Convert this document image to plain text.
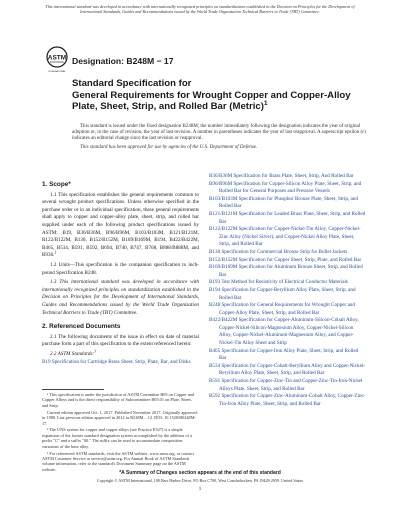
This international standard was developed in accordance with internationally recognized principles on standardization established in the Decision on Principles for the Development of International Standards, Guides and Recommendations issued by the World Trade Organization Technical Barriers to Trade (TBT) Committee.
ASTM
INTERNATIONAL
Designation: B248M − 17
Standard Specification for
General Requirements for Wrought Copper and Copper-Alloy Plate, Sheet, Strip, and Rolled Bar (Metric)$^1$

This standard is issued under the fixed designation B248M; the number immediately following the designation indicates the year of original adoption or, in the case of revision, the year of last revision. A number in parentheses indicates the year of last reapproval. A superscript epsilon (ε) indicates an editorial change since the last revision or reapproval.

This standard has been approved for use by agencies of the U.S. Department of Defense.

1. Scope*

1.1 This specification establishes the general requirements common to several wrought product specifications. Unless otherwise specified in the purchase order or in an individual specification, these general requirements shall apply to copper and copper-alloy plate, sheet, strip, and rolled bar supplied under each of the following product specifications issued by ASTM: B19, B36/B36M, B96/B96M, B103/B103M, B121/B121M, B122/B122M, B130, B152/B152M, B169/B169M, B194, B422/B422M, B465, B534, B591, B592, B694, B740, B747, B768, B888/B888M, and B936.$^2$

1.2 Units—This specification is the companion specification to inch-pound Specification B248.

1.3 This international standard was developed in accordance with internationally recognized principles on standardization established in the Decision on Principles for the Development of International Standards, Guides and Recommendations issued by the World Trade Organization Technical Barriers to Trade (TBT) Committee.

2. Referenced Documents

2.1 The following documents of the issue in effect on date of material purchase form a part of this specification to the extent referenced herein:

2.2 ASTM Standards:$^3$

B19 Specification for Cartridge Brass Sheet, Strip, Plate, Bar, and Disks

¹ This specification is under the jurisdiction of ASTM Committee B05 on Copper and Copper Alloys and is the direct responsibility of Subcommittee B05.01 on Plate, Sheet, and Strip.

Current edition approved Oct. 1, 2017. Published November 2017. Originally approved in 1980. Last previous edition approved in 2012 as B248M – 12. DOI: 10.1520/B0248M-17.

² The UNS system for copper and copper alloys (see Practice E527) is a simple expansion of the former standard designation system accomplished by the addition of a prefix "C" and a suffix "00." The suffix can be used to accommodate composition variations of the base alloy.

³ For referenced ASTM standards, visit the ASTM website, www.astm.org, or contact ASTM Customer Service at service@astm.org. For Annual Book of ASTM Standards volume information, refer to the standard's Document Summary page on the ASTM website.

B36/B36M Specification for Brass Plate, Sheet, Strip, And Rolled Bar

B96/B96M Specification for Copper-Silicon Alloy Plate, Sheet, Strip, and Rolled Bar for General Purposes and Pressure Vessels

B103/B103M Specification for Phosphor Bronze Plate, Sheet, Strip, and Rolled Bar

B121/B121M Specification for Leaded Brass Plate, Sheet, Strip, and Rolled Bar

B122/B122M Specification for Copper-Nickel-Tin Alloy, Copper-Nickel-Zinc Alloy (Nickel Silver), and Copper-Nickel Alloy Plate, Sheet, Strip, and Rolled Bar

B130 Specification for Commercial Bronze Strip for Bullet Jackets

B152/B152M Specification for Copper Sheet, Strip, Plate, and Rolled Bar

B169/B169M Specification for Aluminum Bronze Sheet, Strip, and Rolled Bar

B193 Test Method for Resistivity of Electrical Conductor Materials

B194 Specification for Copper-Beryllium Alloy Plate, Sheet, Strip, and Rolled Bar

B248 Specification for General Requirements for Wrought Copper and Copper-Alloy Plate, Sheet, Strip, and Rolled Bar

B422/B422M Specification for Copper-Aluminum-Silicon-Cobalt Alloy, Copper-Nickel-Silicon-Magnesium Alloy, Copper-Nickel-Silicon Alloy, Copper-Nickel-Aluminum-Magnesium Alloy, and Copper-Nickel-Tin Alloy Sheet and Strip

B465 Specification for Copper-Iron Alloy Plate, Sheet, Strip, and Rolled Bar

B534 Specification for Copper-Cobalt-Beryllium Alloy and Copper-Nickel-Beryllium Alloy Plate, Sheet, Strip, and Rolled Bar

B591 Specification for Copper-Zinc-Tin and Copper-Zinc-Tin-Iron-Nickel Alloys Plate, Sheet, Strip, and Rolled Bar

B592 Specification for Copper-Zinc-Aluminum-Cobalt Alloy, Copper-Zinc-Tin-Iron Alloy Plate, Sheet, Strip, and Rolled Bar

*A Summary of Changes section appears at the end of this standard
Copyright © ASTM International, 100 Barr Harbor Drive, PO Box C700, West Conshohocken, PA 19428-2959. United States
1
